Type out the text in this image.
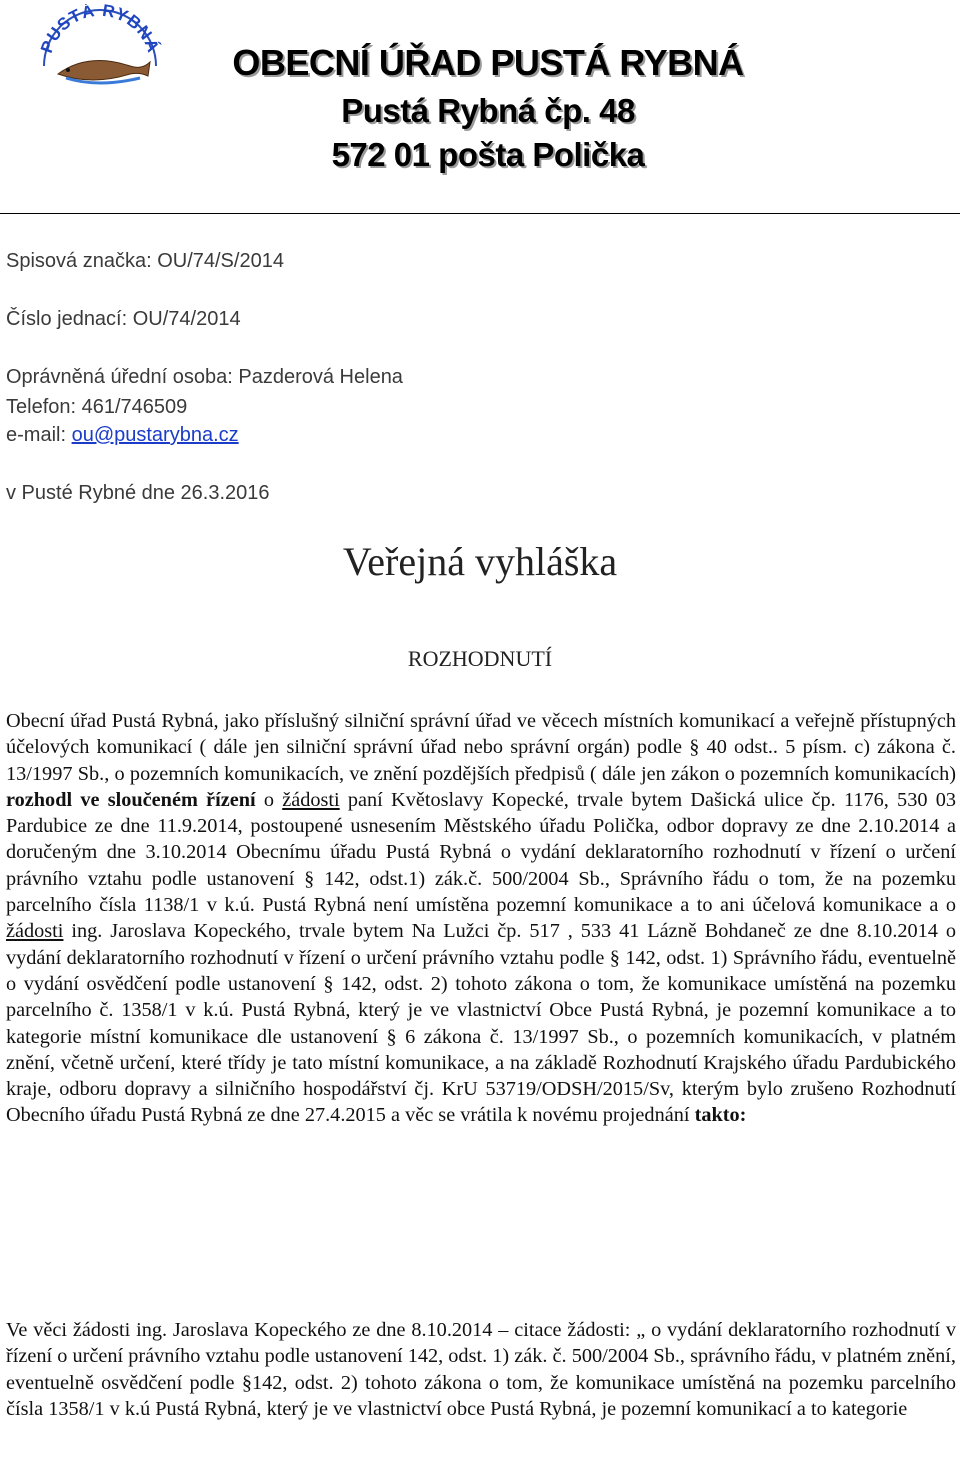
PUSTÁ RYBNÁ	OBECNÍ ÚŘAD PUSTÁ RYBNÁ
Pustá Rybná čp. 48
572 01 pošta Polička
Spisová značka: OU/74/S/2014
Číslo jednací: OU/74/2014
Oprávněná úřední osoba: Pazderová Helena
Telefon: 461/746509
e-mail: ou@pustarybna.cz
v Pusté Rybné dne 26.3.2016
Veřejná vyhláška
ROZHODNUTÍ
Obecní úřad Pustá Rybná, jako příslušný silniční správní úřad ve věcech místních komunikací a veřejně přístupných účelových komunikací ( dále jen silniční správní úřad nebo správní orgán) podle § 40 odst.. 5 písm. c) zákona č. 13/1997 Sb., o pozemních komunikacích, ve znění pozdějších předpisů ( dále jen zákon o pozemních komunikacích) rozhodl ve sloučeném řízení o žádosti paní Květoslavy Kopecké, trvale bytem Dašická ulice čp. 1176, 530 03 Pardubice ze dne 11.9.2014, postoupené usnesením Městského úřadu Polička, odbor dopravy ze dne 2.10.2014 a doručeným dne 3.10.2014 Obecnímu úřadu Pustá Rybná o vydání deklaratorního rozhodnutí v řízení o určení právního vztahu podle ustanovení § 142, odst.1) zák.č. 500/2004 Sb., Správního řádu o tom, že na pozemku parcelního čísla 1138/1 v k.ú. Pustá Rybná není umístěna pozemní komunikace a to ani účelová komunikace a o žádosti ing. Jaroslava Kopeckého, trvale bytem Na Lužci čp. 517 , 533 41 Lázně Bohdaneč ze dne 8.10.2014 o vydání deklaratorního rozhodnutí v řízení o určení právního vztahu podle § 142, odst. 1) Správního řádu, eventuelně o vydání osvědčení podle ustanovení § 142, odst. 2) tohoto zákona o tom, že komunikace umístěná na pozemku parcelního č. 1358/1 v k.ú. Pustá Rybná, který je ve vlastnictví Obce Pustá Rybná, je pozemní komunikace a to kategorie místní komunikace dle ustanovení § 6 zákona č. 13/1997 Sb., o pozemních komunikacích, v platném znění, včetně určení, které třídy je tato místní komunikace, a na základě Rozhodnutí Krajského úřadu Pardubického kraje, odboru dopravy a silničního hospodářství čj. KrU 53719/ODSH/2015/Sv, kterým bylo zrušeno Rozhodnutí Obecního úřadu Pustá Rybná ze dne 27.4.2015 a věc se vrátila k novému projednání takto:
Ve věci žádosti ing. Jaroslava Kopeckého ze dne 8.10.2014 – citace žádosti: „ o vydání deklaratorního rozhodnutí v řízení o určení právního vztahu podle ustanovení 142, odst. 1) zák. č. 500/2004 Sb., správního řádu, v platném znění, eventuelně osvědčení podle §142, odst. 2) tohoto zákona o tom, že komunikace umístěná na pozemku parcelního čísla 1358/1 v k.ú Pustá Rybná, který je ve vlastnictví obce Pustá Rybná, je pozemní komunikací a to kategorie
